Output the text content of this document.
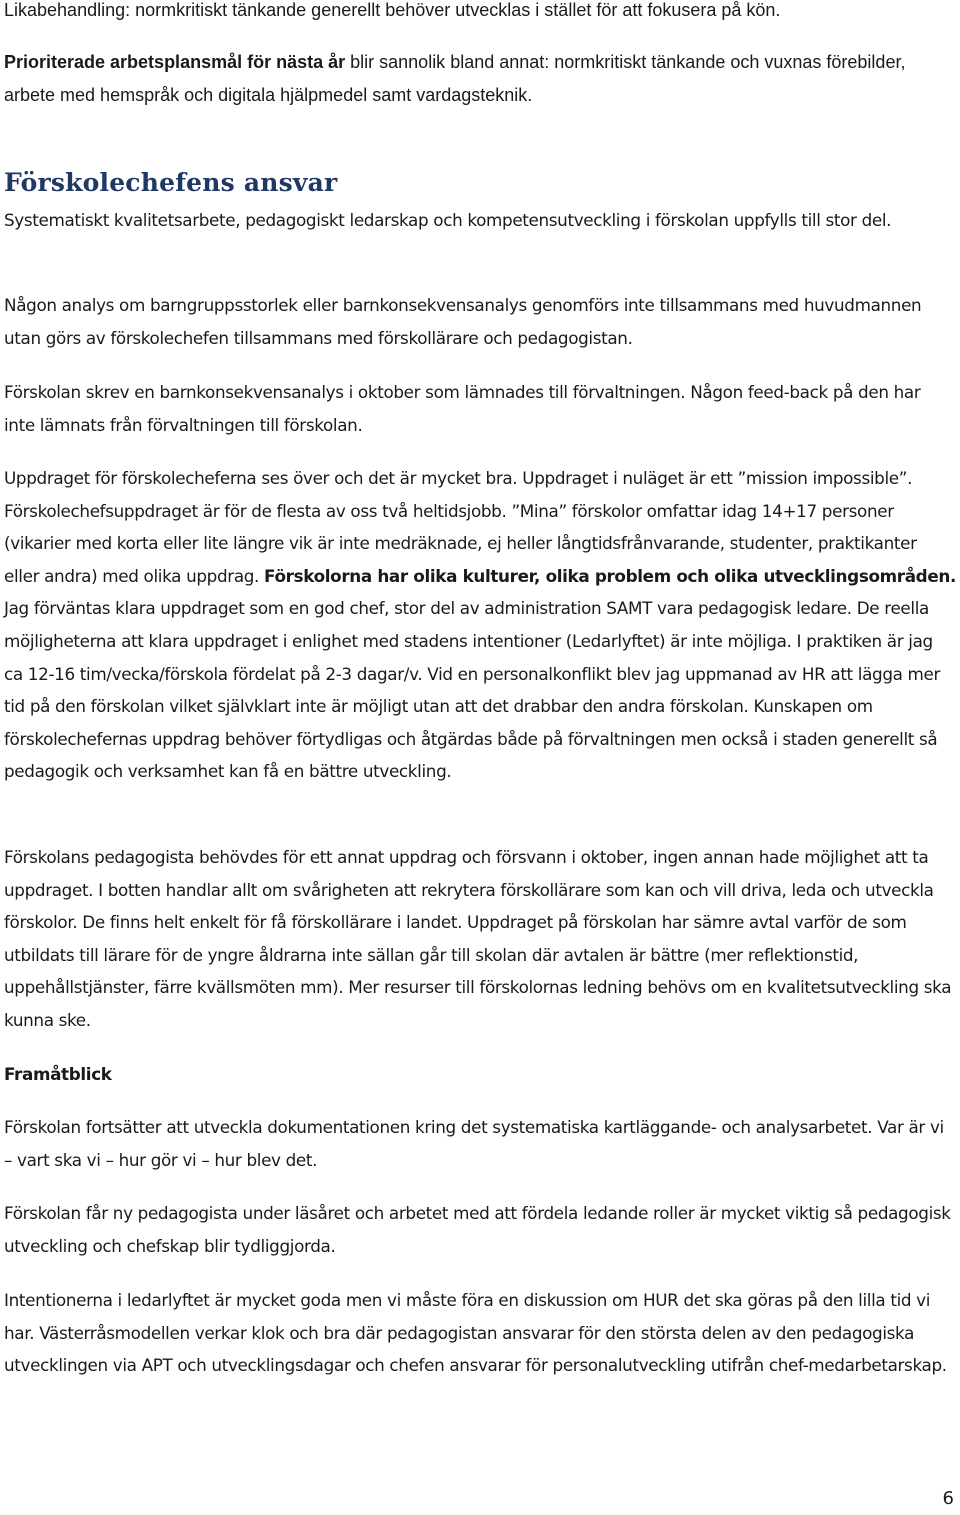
Likabehandling: normkritiskt tänkande generellt behöver utvecklas i stället för att fokusera på kön.

Prioriterade arbetsplansmål för nästa år blir sannolik bland annat: normkritiskt tänkande och vuxnas förebilder, arbete med hemspråk och digitala hjälpmedel samt vardagsteknik.

Förskolechefens ansvar

Systematiskt kvalitetsarbete, pedagogiskt ledarskap och kompetensutveckling i förskolan uppfylls till stor del.

Någon analys om barngruppsstorlek eller barnkonsekvensanalys genomförs inte tillsammans med huvudmannen utan görs av förskolechefen tillsammans med förskollärare och pedagogistan.

Förskolan skrev en barnkonsekvensanalys i oktober som lämnades till förvaltningen. Någon feed-back på den har inte lämnats från förvaltningen till förskolan.

Uppdraget för förskolecheferna ses över och det är mycket bra. Uppdraget i nuläget är ett ”mission impossible”. Förskolechefsuppdraget är för de flesta av oss två heltidsjobb. ”Mina” förskolor omfattar idag 14+17 personer (vikarier med korta eller lite längre vik är inte medräknade, ej heller långtidsfrånvarande, studenter, praktikanter eller andra) med olika uppdrag. Förskolorna har olika kulturer, olika problem och olika utvecklingsområden. Jag förväntas klara uppdraget som en god chef, stor del av administration SAMT vara pedagogisk ledare. De reella möjligheterna att klara uppdraget i enlighet med stadens intentioner (Ledarlyftet) är inte möjliga. I praktiken är jag ca 12-16 tim/vecka/förskola fördelat på 2-3 dagar/v. Vid en personalkonflikt blev jag uppmanad av HR att lägga mer tid på den förskolan vilket självklart inte är möjligt utan att det drabbar den andra förskolan. Kunskapen om förskolechefernas uppdrag behöver förtydligas och åtgärdas både på förvaltningen men också i staden generellt så pedagogik och verksamhet kan få en bättre utveckling.

Förskolans pedagogista behövdes för ett annat uppdrag och försvann i oktober, ingen annan hade möjlighet att ta uppdraget. I botten handlar allt om svårigheten att rekrytera förskollärare som kan och vill driva, leda och utveckla förskolor. De finns helt enkelt för få förskollärare i landet. Uppdraget på förskolan har sämre avtal varför de som utbildats till lärare för de yngre åldrarna inte sällan går till skolan där avtalen är bättre (mer reflektionstid, uppehållstjänster, färre kvällsmöten mm). Mer resurser till förskolornas ledning behövs om en kvalitetsutveckling ska kunna ske.

Framåtblick

Förskolan fortsätter att utveckla dokumentationen kring det systematiska kartläggande- och analysarbetet. Var är vi – vart ska vi – hur gör vi – hur blev det.

Förskolan får ny pedagogista under läsåret och arbetet med att fördela ledande roller är mycket viktig så pedagogisk utveckling och chefskap blir tydliggjorda.

Intentionerna i ledarlyftet är mycket goda men vi måste föra en diskussion om HUR det ska göras på den lilla tid vi har. Västerråsmodellen verkar klok och bra där pedagogistan ansvarar för den största delen av den pedagogiska utvecklingen via APT och utvecklingsdagar och chefen ansvarar för personalutveckling utifrån chef-medarbetarskap.

6
